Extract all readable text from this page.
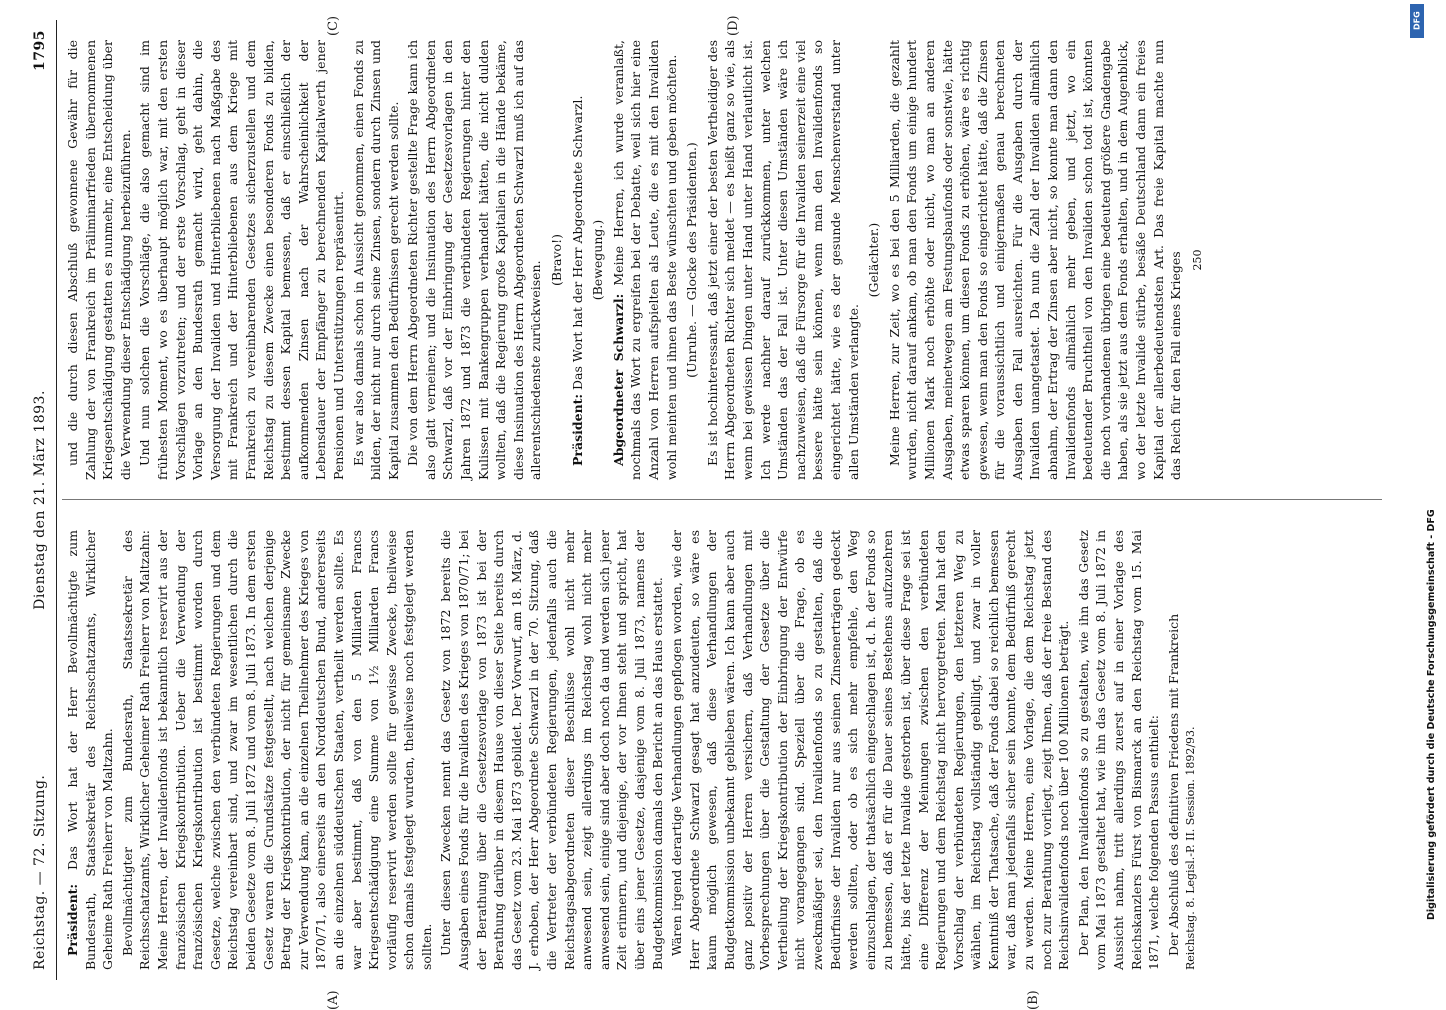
Reichstag. — 72. Sitzung.
Dienstag den 21. März 1893.
1795
(A)	(B)
(C)	(D)

Präsident: Das Wort hat der Herr Bevollmächtigte zum Bundesrath, Staatssekretär des Reichsschatzamts, Wirklicher Geheime Rath Freiherr von Maltzahn. Bevollmächtigter zum Bundesrath, Staatssekretär des Reichsschatzamts, Wirklicher Geheimer Rath Freiherr von Maltzahn: Meine Herren, der Invalidenfonds ist bekanntlich reservirt aus der französischen Kriegskontribution. Ueber die Verwendung der französischen Kriegskontribution ist bestimmt worden durch Gesetze, welche zwischen den verbündeten Regierungen und dem Reichstag vereinbart sind, und zwar im wesentlichen durch die beiden Gesetze vom 8. Juli 1872 und vom 8. Juli 1873. In dem ersten Gesetz waren die Grundsätze festgestellt, nach welchen derjenige Betrag der Kriegskontribution, der nicht für gemeinsame Zwecke zur Verwendung kam, an die einzelnen Theilnehmer des Krieges von 1870/71, also einerseits an den Norddeutschen Bund, andererseits an die einzelnen süddeutschen Staaten, vertheilt werden sollte. Es war aber bestimmt, daß von den 5 Milliarden Francs Kriegsentschädigung eine Summe von 1½ Milliarden Francs vorläufig reservirt werden sollte für gewisse Zwecke, theilweise schon damals festgelegt wurden, theilweise noch festgelegt werden sollten. Unter diesen Zwecken nennt das Gesetz von 1872 bereits die Ausgaben eines Fonds für die Invaliden des Krieges von 1870/71; bei der Berathung über die Gesetzesvorlage von 1873 ist bei der Berathung darüber in diesem Hause von dieser Seite bereits durch das Gesetz vom 23. Mai 1873 gebildet. Der Vorwurf, am 18. März, d. J. erhoben, der Herr Abgeordnete Schwarzl in der 70. Sitzung, daß die Vertreter der verbündeten Regierungen, jedenfalls auch die Reichstagsabgeordneten dieser Beschlüsse wohl nicht mehr anwesend sein, zeigt allerdings im Reichstag wohl nicht mehr anwesend sein, einige sind aber doch noch da und werden sich jener Zeit erinnern, und diejenige, der vor Ihnen steht und spricht, hat über eins jener Gesetze, dasjenige vom 8. Juli 1873, namens der Budgetkommission damals den Bericht an das Haus erstattet. Wären irgend derartige Verhandlungen gepflogen worden, wie der Herr Abgeordnete Schwarzl gesagt hat anzudeuten, so wäre es kaum möglich gewesen, daß diese Verhandlungen der Budgetkommission unbekannt geblieben wären. Ich kann aber auch ganz positiv der Herren versichern, daß Verhandlungen mit Vorbesprechungen über die Gestaltung der Gesetze über die Vertheilung der Kriegskontribution der Einbringung der Entwürfe nicht vorangegangen sind. Speziell über die Frage, ob es zweckmäßiger sei, den Invalidenfonds so zu gestalten, daß die Bedürfnisse der Invaliden nur aus seinen Zinsenerträgen gedeckt werden sollten, oder ob es sich mehr empfehle, den Weg einzuschlagen, der thatsächlich eingeschlagen ist, d. h. der Fonds so zu bemessen, daß er für die Dauer seines Bestehens aufzuzehren hätte, bis der letzte Invalide gestorben ist, über diese Frage sei ist eine Differenz der Meinungen zwischen den verbündeten Regierungen und dem Reichstag nicht hervorgetreten. Man hat den Vorschlag der verbündeten Regierungen, den letzteren Weg zu wählen, im Reichstag vollständig gebilligt, und zwar in voller Kenntniß der Thatsache, daß der Fonds dabei so reichlich bemessen war, daß man jedenfalls sicher sein konnte, dem Bedürfniß gerecht zu werden. Meine Herren, eine Vorlage, die dem Reichstag jetzt noch zur Berathung vorliegt, zeigt Ihnen, daß der freie Bestand des Reichsinvalidenfonds noch über 100 Millionen beträgt. Der Plan, den Invalidenfonds so zu gestalten, wie ihn das Gesetz vom Mai 1873 gestaltet hat, wie ihn das Gesetz vom 8. Juli 1872 in Aussicht nahm, tritt allerdings zuerst auf in einer Vorlage des Reichskanzlers Fürst von Bismarck an den Reichstag vom 15. Mai 1871, welche folgenden Passus enthielt: Der Abschluß des definitiven Friedens mit Frankreich Reichstag. 8. Legisl.-P. II. Session. 1892/93.

und die durch diesen Abschluß gewonnene Gewähr für die Zahlung der von Frankreich im Präliminarfrieden übernommenen Kriegsentschädigung gestatten es nunmehr, eine Entscheidung über die Verwendung dieser Entschädigung herbeizuführen. Und nun solchen die Vorschläge, die also gemacht sind im frühesten Moment, wo es überhaupt möglich war, mit den ersten Vorschlägen vorzutreten; und der erste Vorschlag, geht in dieser Vorlage an den Bundesrath gemacht wird, geht dahin, die Versorgung der Invaliden und Hinterbliebenen nach Maßgabe des mit Frankreich und der Hinterbliebenen aus dem Kriege mit Frankreich zu vereinbarenden Gesetzes sicherzustellen und dem Reichstag zu diesem Zwecke einen besonderen Fonds zu bilden, bestimmt dessen Kapital bemessen, daß er einschließlich der aufkommenden Zinsen nach der Wahrscheinlichkeit der Lebensdauer der Empfänger zu berechnenden Kapitalwerth jener Pensionen und Unterstützungen repräsentirt. Es war also damals schon in Aussicht genommen, einen Fonds zu bilden, der nicht nur durch seine Zinsen, sondern durch Zinsen und Kapital zusammen den Bedürfnissen gerecht werden sollte. Die von dem Herrn Abgeordneten Richter gestellte Frage kann ich also glatt verneinen; und die Insinuation des Herrn Abgeordneten Schwarzl, daß vor der Einbringung der Gesetzesvorlagen in den Jahren 1872 und 1873 die verbündeten Regierungen hinter den Kulissen mit Bankengruppen verhandelt hätten, die nicht dulden wollten, daß die Regierung große Kapitalien in die Hände bekäme, diese Insinuation des Herrn Abgeordneten Schwarzl muß ich auf das allerentschiedenste zurückweisen.

(Bravo!)

Präsident: Das Wort hat der Herr Abgeordnete Schwarzl. (Bewegung.)

Abgeordneter Schwarzl: Meine Herren, ich wurde veranlaßt, nochmals das Wort zu ergreifen bei der Debatte, weil sich hier eine Anzahl von Herren aufspielten als Leute, die es mit den Invaliden wohl meinten und ihnen das Beste wünschten und geben möchten. (Unruhe. — Glocke des Präsidenten.) Es ist hochinteressant, daß jetzt einer der besten Vertheidiger des Herrn Abgeordneten Richter sich meldet — es heißt ganz so wie, als wenn bei gewissen Dingen unter Hand unter Hand verlautlicht ist. Ich werde nachher darauf zurückkommen, unter welchen Umständen das der Fall ist. Unter diesen Umständen wäre ich nachzuweisen, daß die Fürsorge für die Invaliden seinerzeit eine viel bessere hätte sein können, wenn man den Invalidenfonds so eingerichtet hätte, wie es der gesunde Menschenverstand unter allen Umständen verlangte.

(Gelächter.) Meine Herren, zur Zeit, wo es bei den 5 Milliarden, die gezahlt wurden, nicht darauf ankam, ob man den Fonds um einige hundert Millionen Mark noch erhöhte oder nicht, wo man an anderen Ausgaben, meinetwegen am Festungsbaufonds oder sonstwie, hätte etwas sparen können, um diesen Fonds zu erhöhen, wäre es richtig gewesen, wenn man den Fonds so eingerichtet hätte, daß die Zinsen für die voraussichtlich und einigermaßen genau berechneten Ausgaben den Fall ausreichten. Für die Ausgaben durch der Invaliden unangetastet. Da nun die Zahl der Invaliden allmählich abnahm, der Ertrag der Zinsen aber nicht, so konnte man dann den Invalidenfonds allmählich mehr geben, und jetzt, wo ein bedeutender Bruchtheil von den Invaliden schon todt ist, könnten die noch vorhandenen übrigen eine bedeutend größere Gnadengabe haben, als sie jetzt aus dem Fonds erhalten, und in dem Augenblick, wo der letzte Invalide stürbe, besäße Deutschland dann ein freies Kapital der allerbedeutendsten Art. Das freie Kapital machte nun das Reich für den Fall eines Krieges 250
DFG
Digitalisierung gefördert durch die Deutsche Forschungsgemeinschaft - DFG
